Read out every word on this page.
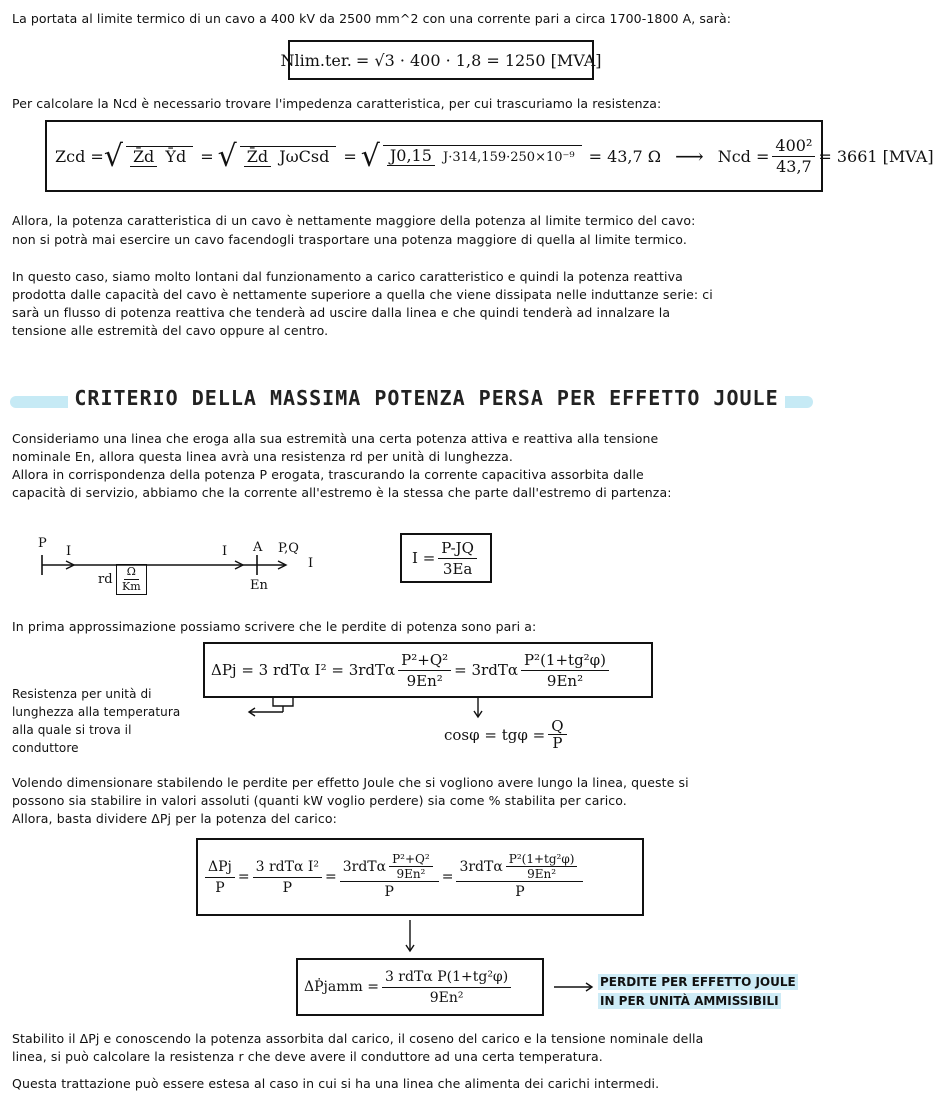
La portata al limite termico di un cavo a 400 kV da 2500 mm^2 con una corrente pari a circa 1700-1800 A, sarà:
Nlim.ter. = √3 · 400 · 1,8 = 1250 [MVA]
Per calcolare la Ncd è necessario trovare l'impedenza caratteristica, per cui trascuriamo la resistenza:
Zcd = √ Z̄d Ȳd = √ Z̄d JωCsd = √ J0,15 J·314,159·250×10⁻⁹ = 43,7 Ω ⟶ Ncd = $\frac{\text{400²}}{43,7} = 3661$ [MVA]
Allora, la potenza caratteristica di un cavo è nettamente maggiore della potenza al limite termico del cavo:
non si potrà mai esercire un cavo facendogli trasportare una potenza maggiore di quella al limite termico.
In questo caso, siamo molto lontani dal funzionamento a carico caratteristico e quindi la potenza reattiva
prodotta dalle capacità del cavo è nettamente superiore a quella che viene dissipata nelle induttanze serie: ci
sarà un flusso di potenza reattiva che tenderà ad uscire dalla linea e che quindi tenderà ad innalzare la
tensione alle estremità del cavo oppure al centro.
CRITERIO DELLA MASSIMA POTENZA PERSA PER EFFETTO JOULE
Consideriamo una linea che eroga alla sua estremità una certa potenza attiva e reattiva alla tensione
nominale En, allora questa linea avrà una resistenza rd per unità di lunghezza.
Allora in corrispondenza della potenza P erogata, trascurando la corrente capacitiva assorbita dalle
capacità di servizio, abbiamo che la corrente all'estremo è la stessa che parte dall'estremo di partenza:
P
I	I A P,Q
I
rd $\frac{\Omega}{Km}$	En
$I = \frac{P-JQ}{3Ea}$
In prima approssimazione possiamo scrivere che le perdite di potenza sono pari a:
ΔPj = 3 rdTα $I^2 = 3rdT\alpha \frac{\text{P²+Q²}}{\text{9En²}} = 3rdT\alpha \frac{\text{P²(1+tg²φ)}}{\text{9En²}}$
Resistenza per unità di
lunghezza alla temperatura
alla quale si trova il
conduttore
$\cos\varphi = tg\varphi = \frac{Q}{P}$
Volendo dimensionare stabilendo le perdite per effetto Joule che si vogliono avere lungo la linea, queste si
possono sia stabilire in valori assoluti (quanti kW voglio perdere) sia come % stabilita per carico.
Allora, basta dividere ΔPj per la potenza del carico:
$\frac{\text{ΔPj}}{P} = \frac{\text{3 rdTα I²}}{P} = \frac{3rdT\alpha \frac{\text{P²+Q²}}{\text{9En²}}}{P} = \frac{3rdT\alpha \frac{\text{P²(1+tg²φ)}}{\text{9En²}}}{P}$
ΔṖjamm = $\frac{\text{3 rdTα P(1+tg²φ)}}{\text{9En²}}$	PERDITE PER EFFETTO JOULE
IN PER UNITÀ AMMISSIBILI
Stabilito il ΔPj e conoscendo la potenza assorbita dal carico, il coseno del carico e la tensione nominale della
linea, si può calcolare la resistenza r che deve avere il conduttore ad una certa temperatura.
Questa trattazione può essere estesa al caso in cui si ha una linea che alimenta dei carichi intermedi.
